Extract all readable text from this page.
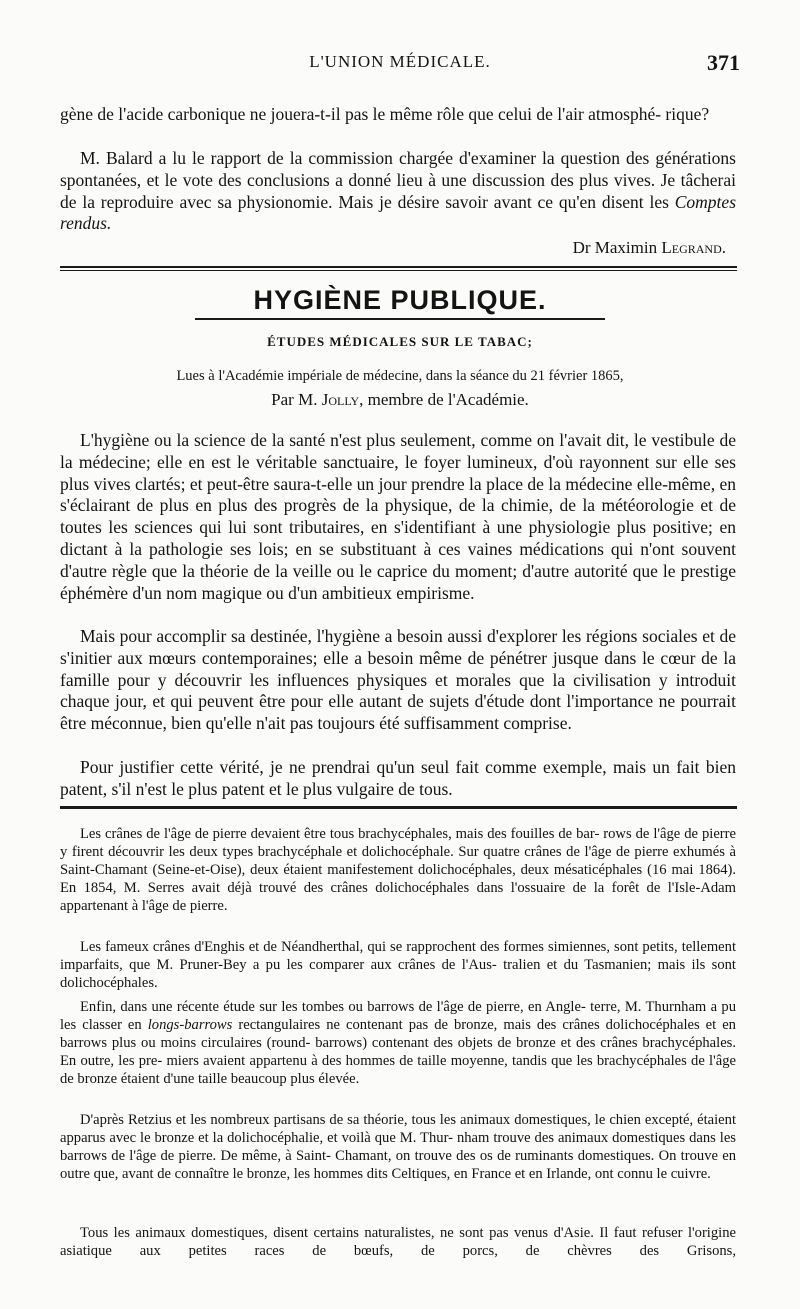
L'UNION MÉDICALE.	371

gène de l'acide carbonique ne jouera-t-il pas le même rôle que celui de l'air atmosphé- rique?

M. Balard a lu le rapport de la commission chargée d'examiner la question des générations spontanées, et le vote des conclusions a donné lieu à une discussion des plus vives. Je tâcherai de la reproduire avec sa physionomie. Mais je désire savoir avant ce qu'en disent les Comptes rendus.

Dr Maximin Legrand.
HYGIÈNE PUBLIQUE.
ÉTUDES MÉDICALES SUR LE TABAC;
Lues à l'Académie impériale de médecine, dans la séance du 21 février 1865,
Par M. Jolly, membre de l'Académie.

L'hygiène ou la science de la santé n'est plus seulement, comme on l'avait dit, le vestibule de la médecine; elle en est le véritable sanctuaire, le foyer lumineux, d'où rayonnent sur elle ses plus vives clartés; et peut-être saura-t-elle un jour prendre la place de la médecine elle-même, en s'éclairant de plus en plus des progrès de la physique, de la chimie, de la météorologie et de toutes les sciences qui lui sont tributaires, en s'identifiant à une physiologie plus positive; en dictant à la pathologie ses lois; en se substituant à ces vaines médications qui n'ont souvent d'autre règle que la théorie de la veille ou le caprice du moment; d'autre autorité que le prestige éphémère d'un nom magique ou d'un ambitieux empirisme.

Mais pour accomplir sa destinée, l'hygiène a besoin aussi d'explorer les régions sociales et de s'initier aux mœurs contemporaines; elle a besoin même de pénétrer jusque dans le cœur de la famille pour y découvrir les influences physiques et morales que la civilisation y introduit chaque jour, et qui peuvent être pour elle autant de sujets d'étude dont l'importance ne pourrait être méconnue, bien qu'elle n'ait pas toujours été suffisamment comprise.

Pour justifier cette vérité, je ne prendrai qu'un seul fait comme exemple, mais un fait bien patent, s'il n'est le plus patent et le plus vulgaire de tous.

Les crânes de l'âge de pierre devaient être tous brachycéphales, mais des fouilles de bar- rows de l'âge de pierre y firent découvrir les deux types brachycéphale et dolichocéphale. Sur quatre crânes de l'âge de pierre exhumés à Saint-Chamant (Seine-et-Oise), deux étaient manifestement dolichocéphales, deux mésaticéphales (16 mai 1864). En 1854, M. Serres avait déjà trouvé des crânes dolichocéphales dans l'ossuaire de la forêt de l'Isle-Adam appartenant à l'âge de pierre.

Les fameux crânes d'Enghis et de Néandherthal, qui se rapprochent des formes simiennes, sont petits, tellement imparfaits, que M. Pruner-Bey a pu les comparer aux crânes de l'Aus- tralien et du Tasmanien; mais ils sont dolichocéphales.

Enfin, dans une récente étude sur les tombes ou barrows de l'âge de pierre, en Angle- terre, M. Thurnham a pu les classer en longs-barrows rectangulaires ne contenant pas de bronze, mais des crânes dolichocéphales et en barrows plus ou moins circulaires (round- barrows) contenant des objets de bronze et des crânes brachycéphales. En outre, les pre- miers avaient appartenu à des hommes de taille moyenne, tandis que les brachycéphales de l'âge de bronze étaient d'une taille beaucoup plus élevée.

D'après Retzius et les nombreux partisans de sa théorie, tous les animaux domestiques, le chien excepté, étaient apparus avec le bronze et la dolichocéphalie, et voilà que M. Thur- nham trouve des animaux domestiques dans les barrows de l'âge de pierre. De même, à Saint- Chamant, on trouve des os de ruminants domestiques. On trouve en outre que, avant de connaître le bronze, les hommes dits Celtiques, en France et en Irlande, ont connu le cuivre.

Tous les animaux domestiques, disent certains naturalistes, ne sont pas venus d'Asie. Il faut refuser l'origine asiatique aux petites races de bœufs, de porcs, de chèvres des Grisons,
